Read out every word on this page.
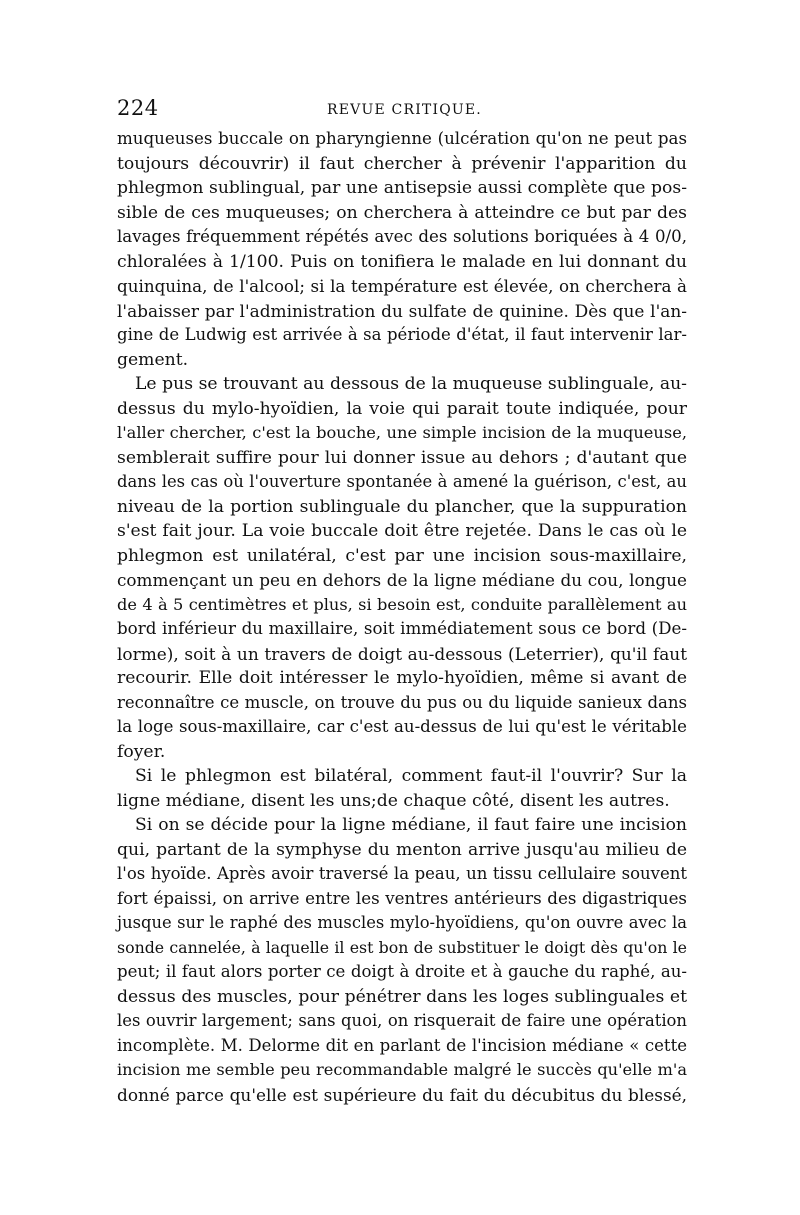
224	REVUE CRITIQUE.
muqueuses buccale on pharyngienne (ulcération qu'on ne peut pas
toujours découvrir) il faut chercher à prévenir l'apparition du
phlegmon sublingual, par une antisepsie aussi complète que pos-
sible de ces muqueuses; on cherchera à atteindre ce but par des
lavages fréquemment répétés avec des solutions boriquées à 4 0/0,
chloralées à 1/100. Puis on tonifiera le malade en lui donnant du
quinquina, de l'alcool; si la température est élevée, on cherchera à
l'abaisser par l'administration du sulfate de quinine. Dès que l'an-
gine de Ludwig est arrivée à sa période d'état, il faut intervenir lar-
gement.
Le pus se trouvant au dessous de la muqueuse sublinguale, au-
dessus du mylo-hyoïdien, la voie qui parait toute indiquée, pour
l'aller chercher, c'est la bouche, une simple incision de la muqueuse,
semblerait suffire pour lui donner issue au dehors ; d'autant que
dans les cas où l'ouverture spontanée à amené la guérison, c'est, au
niveau de la portion sublinguale du plancher, que la suppuration
s'est fait jour. La voie buccale doit être rejetée. Dans le cas où le
phlegmon est unilatéral, c'est par une incision sous-maxillaire,
commençant un peu en dehors de la ligne médiane du cou, longue
de 4 à 5 centimètres et plus, si besoin est, conduite parallèlement au
bord inférieur du maxillaire, soit immédiatement sous ce bord (De-
lorme), soit à un travers de doigt au-dessous (Leterrier), qu'il faut
recourir. Elle doit intéresser le mylo-hyoïdien, même si avant de
reconnaître ce muscle, on trouve du pus ou du liquide sanieux dans
la loge sous-maxillaire, car c'est au-dessus de lui qu'est le véritable
foyer.
Si le phlegmon est bilatéral, comment faut-il l'ouvrir? Sur la
ligne médiane, disent les uns;de chaque côté, disent les autres.
Si on se décide pour la ligne médiane, il faut faire une incision
qui, partant de la symphyse du menton arrive jusqu'au milieu de
l'os hyoïde. Après avoir traversé la peau, un tissu cellulaire souvent
fort épaissi, on arrive entre les ventres antérieurs des digastriques
jusque sur le raphé des muscles mylo-hyoïdiens, qu'on ouvre avec la
sonde cannelée, à laquelle il est bon de substituer le doigt dès qu'on le
peut; il faut alors porter ce doigt à droite et à gauche du raphé, au-
dessus des muscles, pour pénétrer dans les loges sublinguales et
les ouvrir largement; sans quoi, on risquerait de faire une opération
incomplète. M. Delorme dit en parlant de l'incision médiane « cette
incision me semble peu recommandable malgré le succès qu'elle m'a
donné parce qu'elle est supérieure du fait du décubitus du blessé,
